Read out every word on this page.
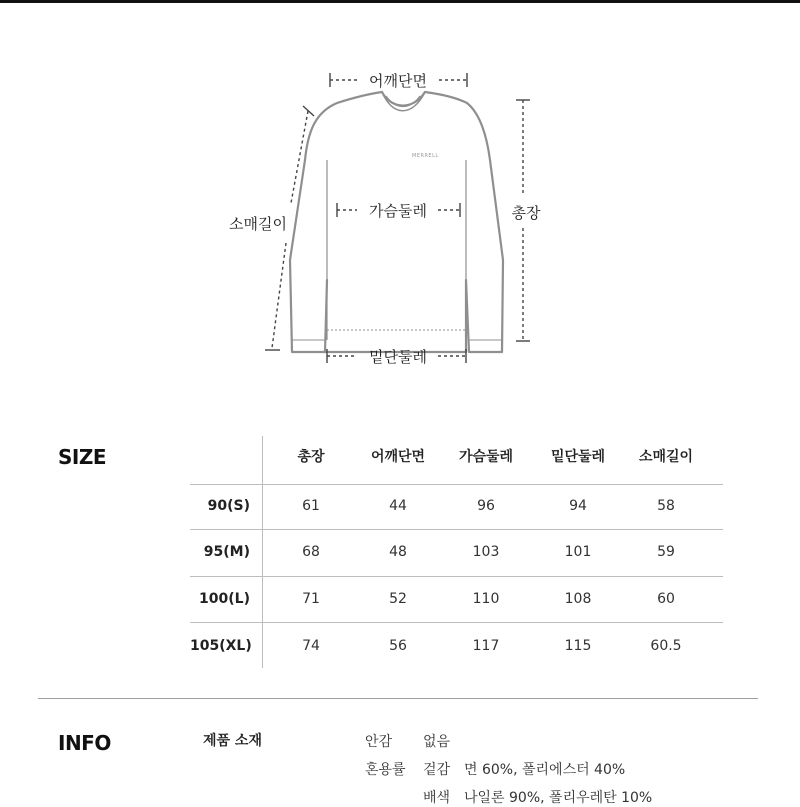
MERRELL
어깨단면
가슴둘레
밑단둘레
소매길이
총장
SIZE	총장	어깨단면	가슴둘레	밑단둘레	소매길이
90(S)	61	44	96	94	58
95(M)	68	48	103	101	59
100(L)	71	52	110	108	60
105(XL)	74	56	117	115	60.5
INFO	제품 소재	안감 없음
혼용률 겉감 면 60%, 폴리에스터 40%
배색 나일론 90%, 폴리우레탄 10%
